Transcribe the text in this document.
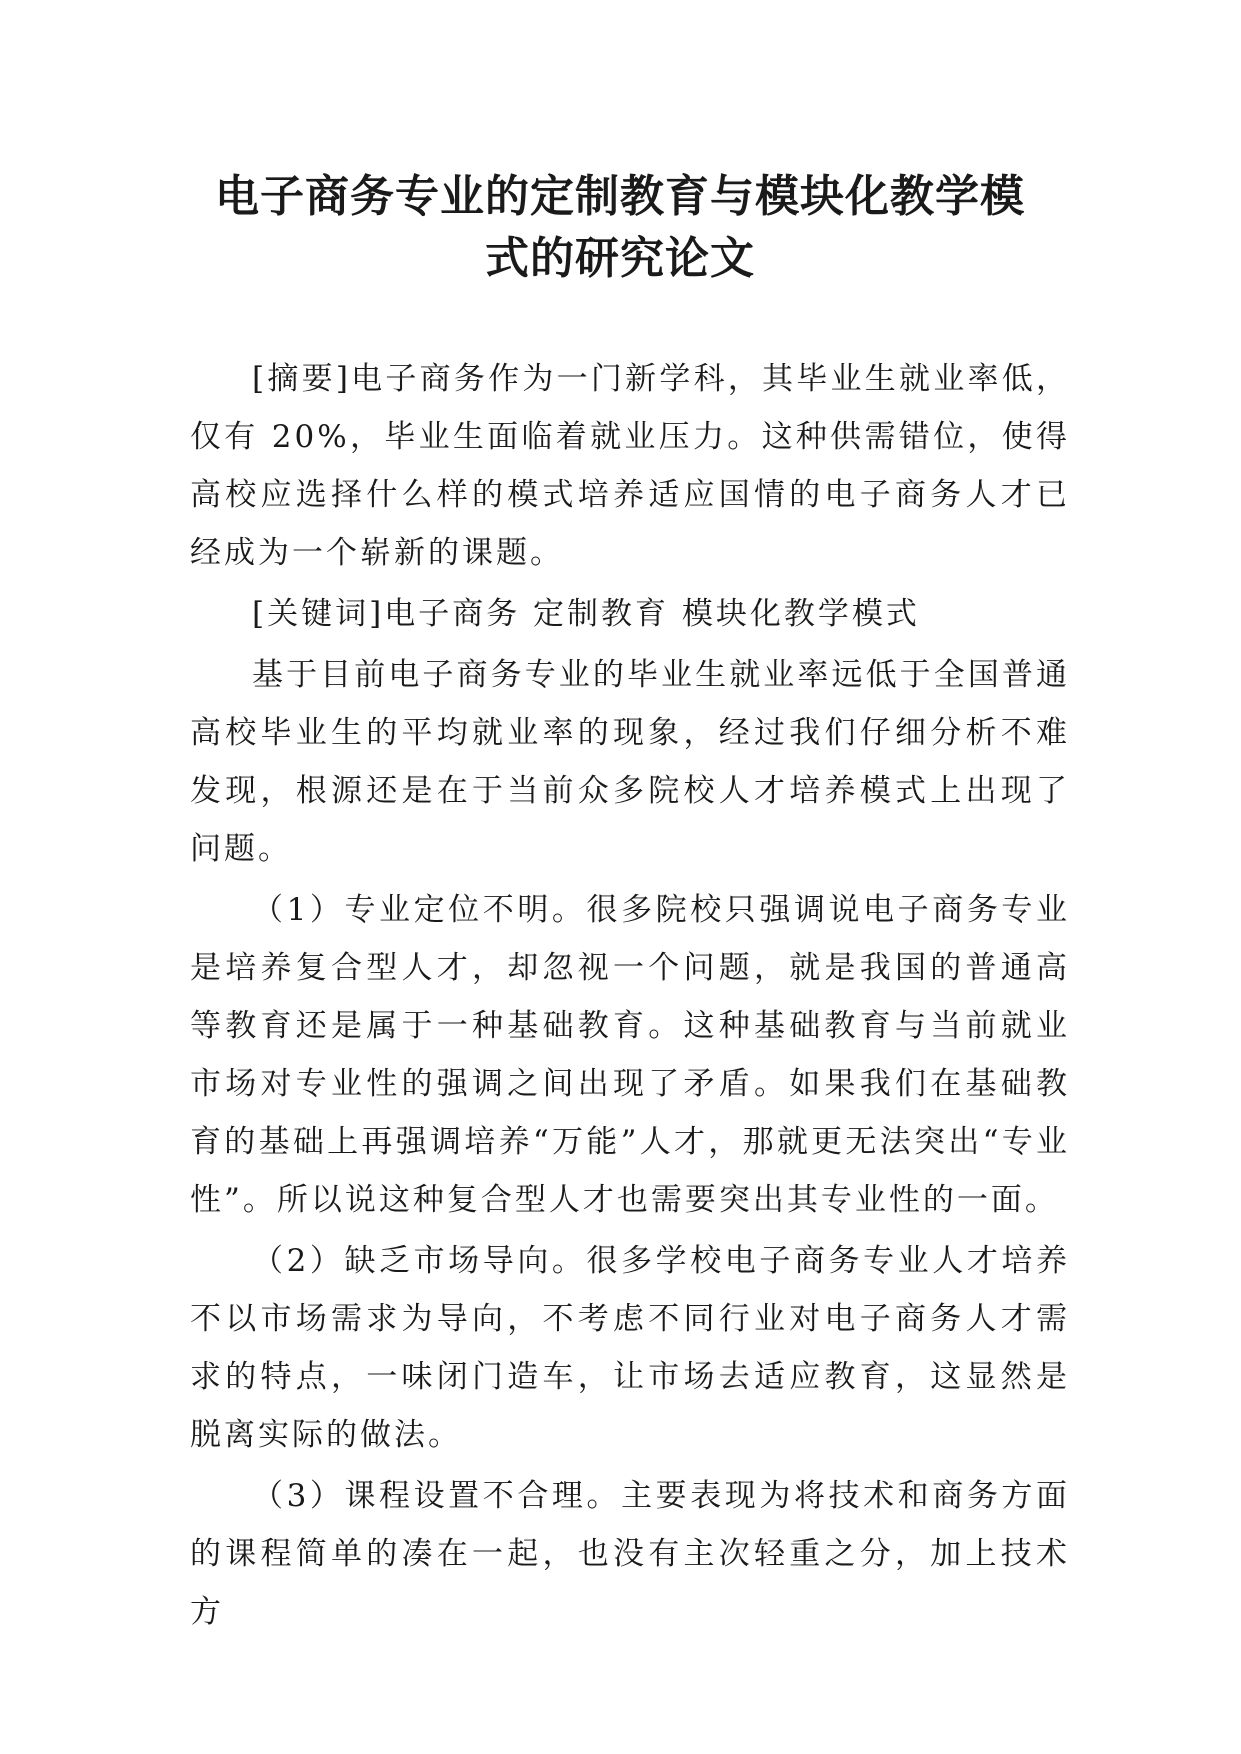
电子商务专业的定制教育与模块化教学模
式的研究论文

[摘要]电子商务作为一门新学科，其毕业生就业率低，仅有 20%，毕业生面临着就业压力。这种供需错位，使得高校应选择什么样的模式培养适应国情的电子商务人才已经成为一个崭新的课题。

[关键词]电子商务 定制教育 模块化教学模式

基于目前电子商务专业的毕业生就业率远低于全国普通高校毕业生的平均就业率的现象，经过我们仔细分析不难发现，根源还是在于当前众多院校人才培养模式上出现了问题。

（1）专业定位不明。很多院校只强调说电子商务专业是培养复合型人才，却忽视一个问题，就是我国的普通高等教育还是属于一种基础教育。这种基础教育与当前就业市场对专业性的强调之间出现了矛盾。如果我们在基础教育的基础上再强调培养“万能”人才，那就更无法突出“专业性”。所以说这种复合型人才也需要突出其专业性的一面。

（2）缺乏市场导向。很多学校电子商务专业人才培养不以市场需求为导向，不考虑不同行业对电子商务人才需求的特点，一味闭门造车，让市场去适应教育，这显然是脱离实际的做法。

（3）课程设置不合理。主要表现为将技术和商务方面的课程简单的凑在一起，也没有主次轻重之分，加上技术方
